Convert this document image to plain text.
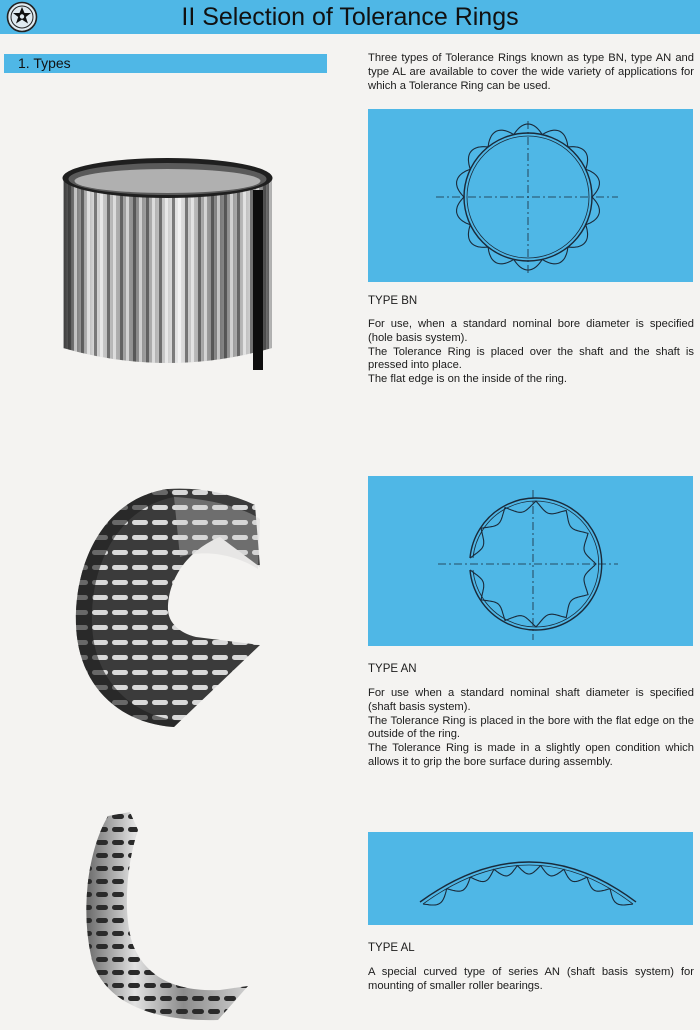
II Selection of Tolerance Rings
1. Types	Three types of Tolerance Rings known as type BN, type AN and type AL are available to cover the wide variety of applications for which a Tolerance Ring can be used.
TYPE BN

For use, when a standard nominal bore diameter is specified (hole basis system).

The Tolerance Ring is placed over the shaft and the shaft is pressed into place.

The flat edge is on the inside of the ring.

TYPE AN

For use when a standard nominal shaft diameter is specified (shaft basis system).

The Tolerance Ring is placed in the bore with the flat edge on the outside of the ring.

The Tolerance Ring is made in a slightly open condition which allows it to grip the bore surface during assembly.

TYPE AL

A special curved type of series AN (shaft basis system) for mounting of smaller roller bearings.
